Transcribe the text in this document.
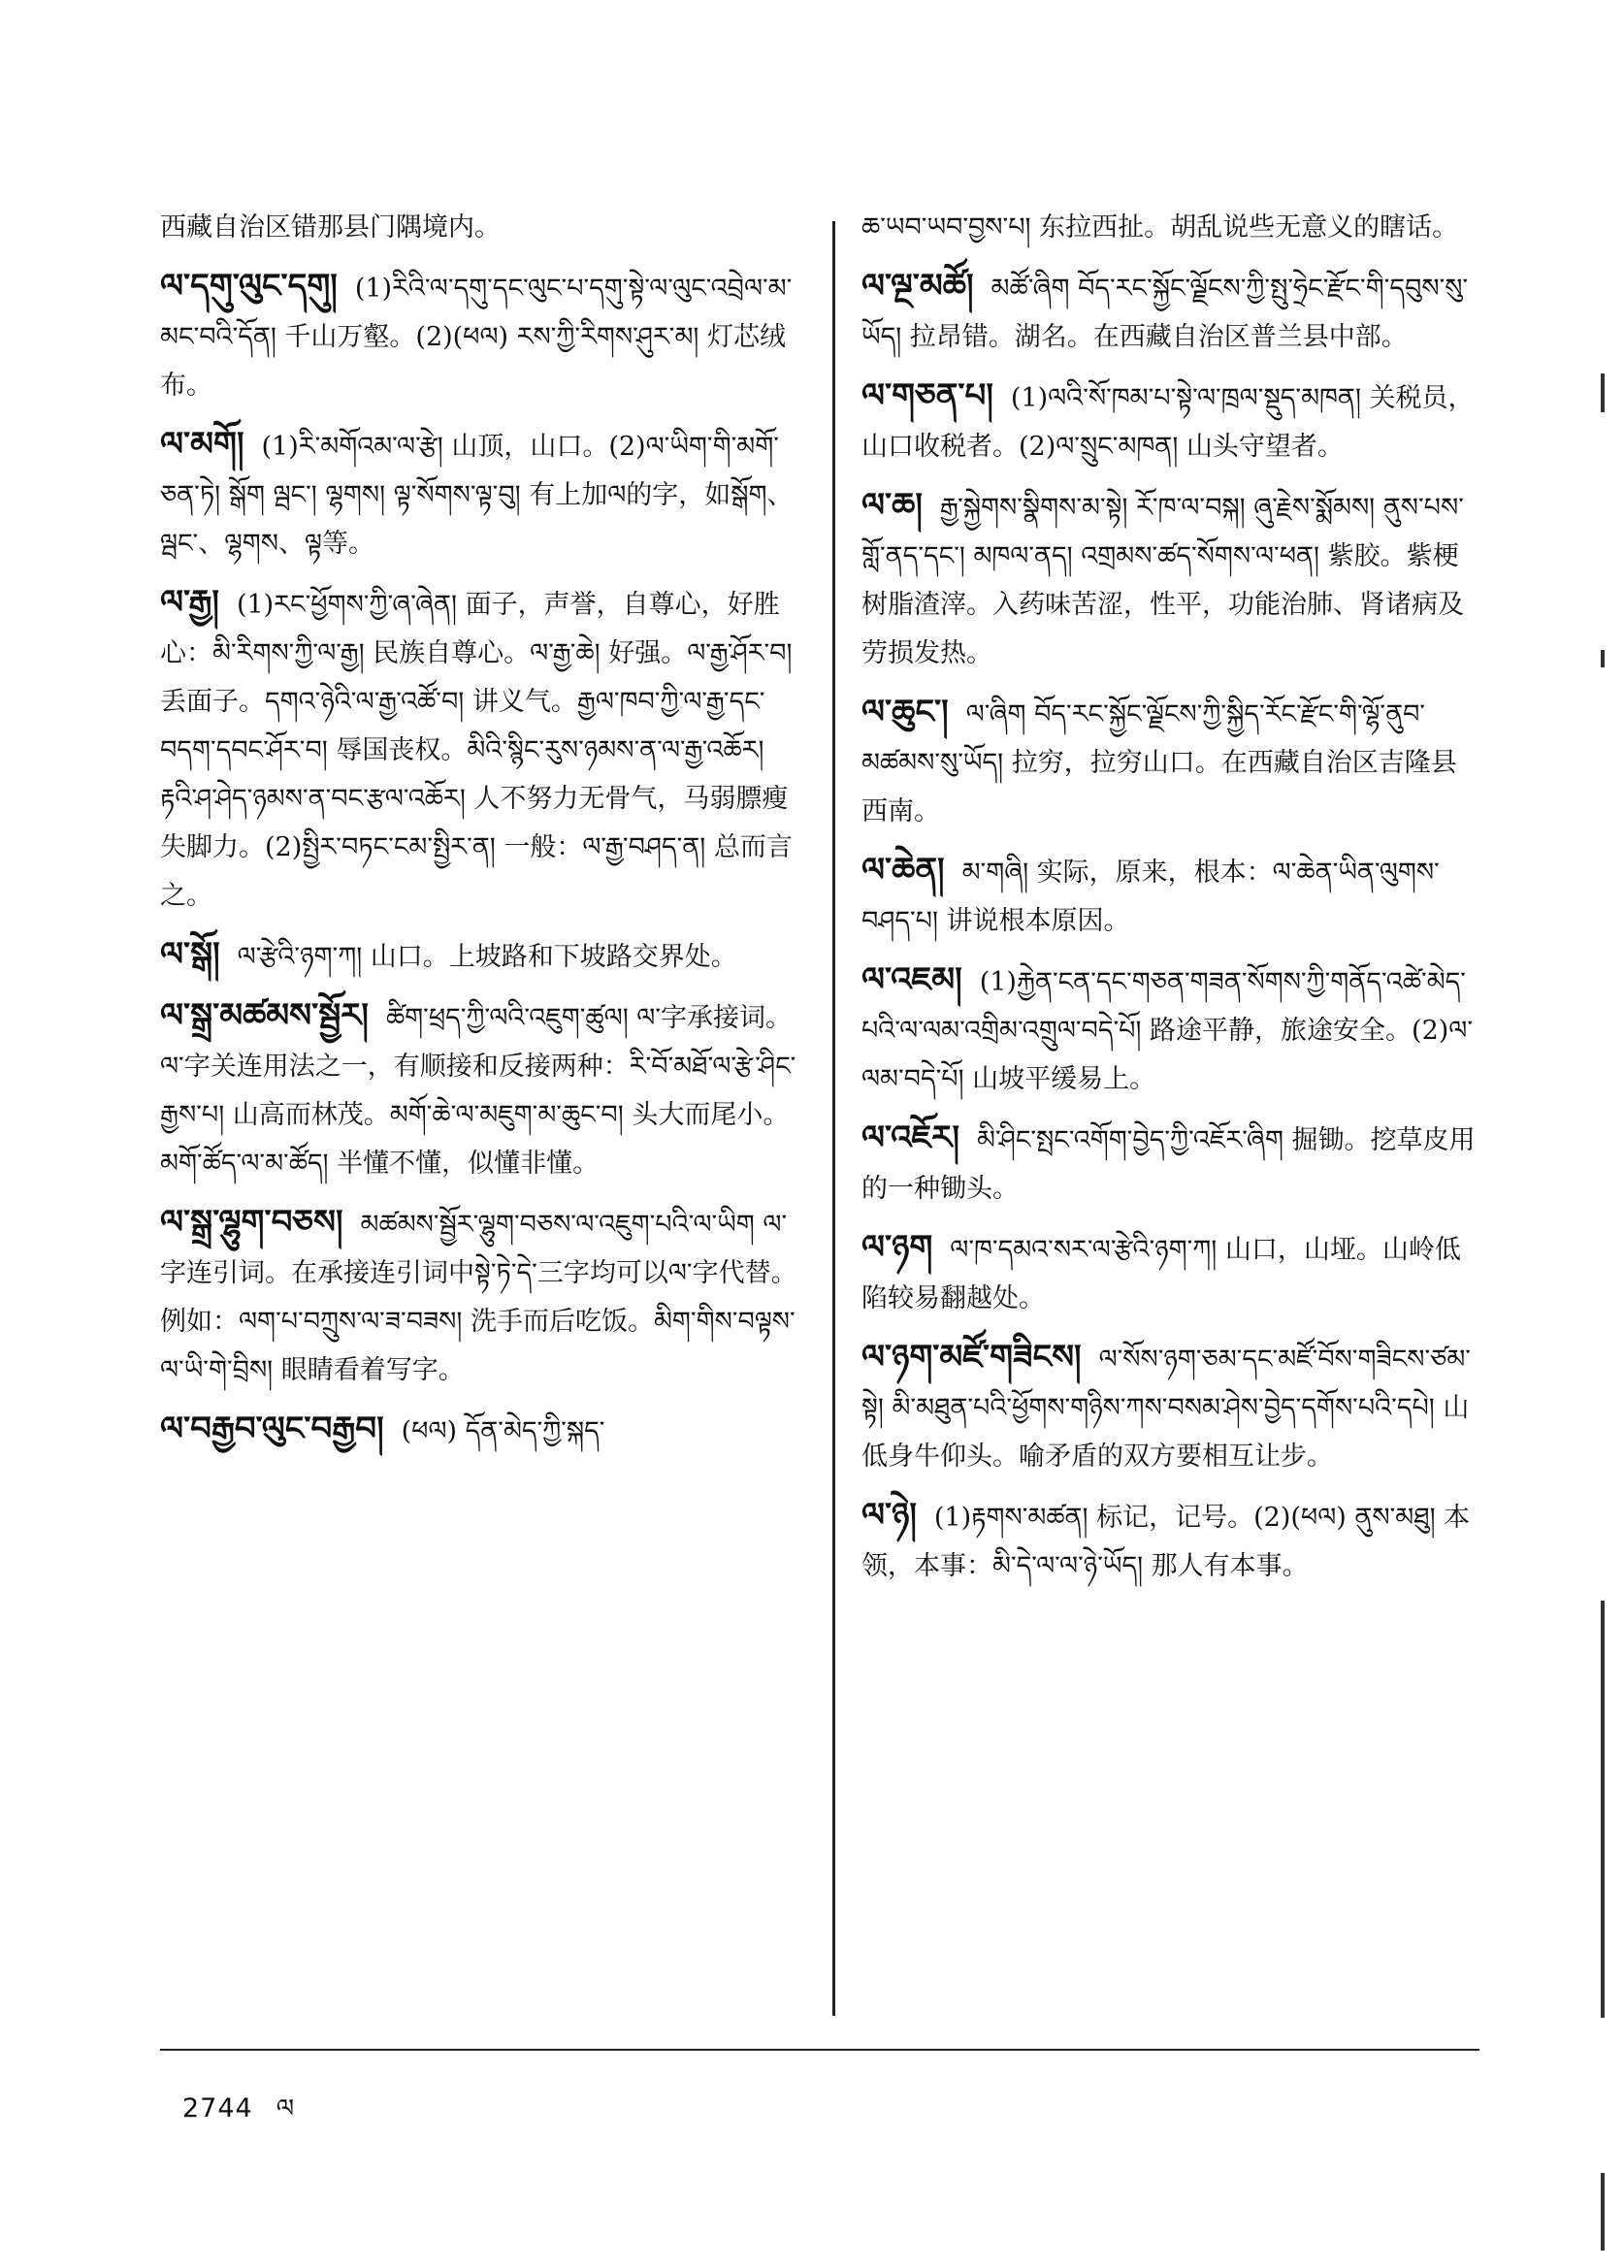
西藏自治区错那县门隅境内。
ལ་དགུ་ལུང་དགུ། (1)རིའི་ལ་དགུ་དང་ལུང་པ་དགུ་སྟེ་ལ་ལུང་འབྲེལ་མ་མང་བའི་དོན། 千山万壑。(2)(ཕལ) རས་ཀྱི་རིགས་ཤུར་མ། 灯芯绒布。
ལ་མགོ། (1)རི་མགོའམ་ལ་རྩེ། 山顶，山口。(2)ལ་ཡིག་གི་མགོ་ཅན་ཏེ། སྒོག ལྦང་། ལྷགས། ལྟ་སོགས་ལྟ་བུ། 有上加ལ的字，如སྒོག、ལྦང་、ལྷགས、ལྟ等。
ལ་རྒྱ། (1)རང་ཕྱོགས་ཀྱི་ཞ་ཞེན། 面子，声誉，自尊心，好胜心：མི་རིགས་ཀྱི་ལ་རྒྱ། 民族自尊心。ལ་རྒྱ་ཆེ། 好强。ལ་རྒྱ་ཤོར་བ། 丢面子。དགའ་ཉེའི་ལ་རྒྱ་འཚོ་བ། 讲义气。རྒྱལ་ཁབ་ཀྱི་ལ་རྒྱ་དང་བདག་དབང་ཤོར་བ། 辱国丧权。མིའི་སྙིང་རུས་ཉམས་ན་ལ་རྒྱ་འཆོར། རྟའི་ཤ་ཤེད་ཉམས་ན་བང་རྩལ་འཆོར། 人不努力无骨气，马弱膘瘦失脚力。(2)སྤྱིར་བཏང་ངམ་སྤྱིར་ན། 一般：ལ་རྒྱ་བཤད་ན། 总而言之。
ལ་སྒོ། ལ་རྩེའི་ཉག་ཀ། 山口。上坡路和下坡路交界处。
ལ་སྒྲ་མཚམས་སྦྱོར། ཚིག་ཕྲད་ཀྱི་ལའི་འཇུག་ཚུལ། ལ་字承接词。ལ་字关连用法之一，有顺接和反接两种：རི་བོ་མཐོ་ལ་རྩེ་ཤིང་རྒྱས་པ། 山高而林茂。མགོ་ཆེ་ལ་མཇུག་མ་ཆུང་བ། 头大而尾小。མགོ་ཚོད་ལ་མ་ཚོད། 半懂不懂，似懂非懂。
ལ་སྒྲ་ལྷུག་བཅས། མཚམས་སྦྱོར་ལྷུག་བཅས་ལ་འཇུག་པའི་ལ་ཡིག ལ་字连引词。在承接连引词中སྟེ་ཏེ་དེ་三字均可以ལ་字代替。例如：ལག་པ་བཀྲུས་ལ་ཟ་བཟས། 洗手而后吃饭。མིག་གིས་བལྟས་ལ་ཡི་གེ་བྲིས། 眼睛看着写字。
ལ་བརྒྱབ་ལུང་བརྒྱབ། (ཕལ) དོན་མེད་ཀྱི་སྐད་
ཆ་ཡབ་ཡབ་བྱས་པ། 东拉西扯。胡乱说些无意义的瞎话。
ལ་ལྔ་མཚོ། མཚོ་ཞིག བོད་རང་སྐྱོང་ལྗོངས་ཀྱི་སྤུ་ཧྲེང་རྫོང་གི་དབུས་སུ་ཡོད། 拉昂错。湖名。在西藏自治区普兰县中部。
ལ་གཅན་པ། (1)ལའི་སོ་ཁམ་པ་སྟེ་ལ་ཁྲལ་སྡུད་མཁན། 关税员，山口收税者。(2)ལ་སྲུང་མཁན། 山头守望者。
ལ་ཆ། རྒྱ་སྐྱེགས་སྣིགས་མ་སྟེ། རོ་ཁ་ལ་བསྐ། ཞུ་རྗེས་སྨོམས། ནུས་པས་གློ་ནད་དང་། མཁལ་ནད། འགྲམས་ཚད་སོགས་ལ་ཕན། 紫胶。紫梗树脂渣滓。入药味苦涩，性平，功能治肺、肾诸病及劳损发热。
ལ་ཆུང་། ལ་ཞིག བོད་རང་སྐྱོང་ལྗོངས་ཀྱི་སྐྱིད་རོང་རྫོང་གི་ལྷོ་ནུབ་མཚམས་སུ་ཡོད། 拉穷，拉穷山口。在西藏自治区吉隆县西南。
ལ་ཆེན། མ་གཞི། 实际，原来，根本：ལ་ཆེན་ཡིན་ལུགས་བཤད་པ། 讲说根本原因。
ལ་འཇམ། (1)རྐྱེན་ངན་དང་གཅན་གཟན་སོགས་ཀྱི་གནོད་འཚེ་མེད་པའི་ལ་ལམ་འགྲིམ་འགྲུལ་བདེ་པོ། 路途平静，旅途安全。(2)ལ་ལམ་བདེ་པོ། 山坡平缓易上。
ལ་འཇོར། མི་ཤིང་སྤང་འགོག་བྱེད་ཀྱི་འཇོར་ཞིག 掘锄。挖草皮用的一种锄头。
ལ་ཉག ལ་ཁ་དམའ་སར་ལ་རྩེའི་ཉག་ཀ། 山口，山垭。山岭低陷较易翻越处。
ལ་ཉག་མཛོ་གཟིངས། ལ་སོས་ཉག་ཅམ་དང་མཛོ་བོས་གཟིངས་ཙམ་སྟེ། མི་མཐུན་པའི་ཕྱོགས་གཉིས་ཀས་བསམ་ཤེས་བྱེད་དགོས་པའི་དཔེ། 山低身牛仰头。喻矛盾的双方要相互让步。
ལ་ཉེ། (1)རྟགས་མཚན། 标记，记号。(2)(ཕལ) ནུས་མཐུ། 本领，本事：མི་དེ་ལ་ལ་ཉེ་ཡོད། 那人有本事。
2744 ལ
